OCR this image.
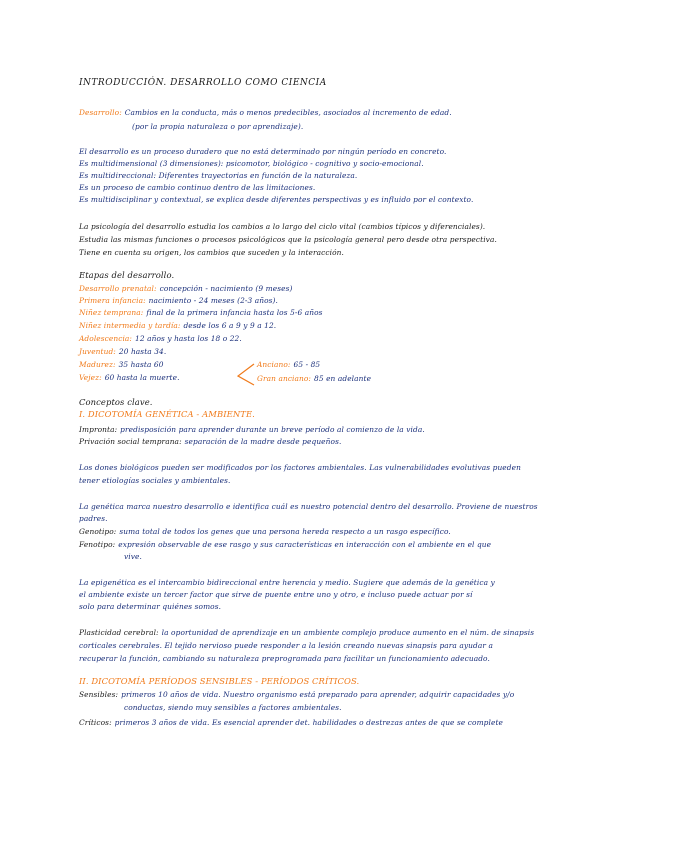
INTRODUCCIÓN. DESARROLLO COMO CIENCIA
Desarrollo: Cambios en la conducta, más o menos predecibles, asociados al incremento de edad.
(por la propia naturaleza o por aprendizaje).
El desarrollo es un proceso duradero que no está determinado por ningún período en concreto.
Es multidimensional (3 dimensiones): psicomotor, biológico - cognitivo y socio-emocional.
Es multidireccional: Diferentes trayectorias en función de la naturaleza.
Es un proceso de cambio continuo dentro de las limitaciones.
Es multidisciplinar y contextual, se explica desde diferentes perspectivas y es influido por el contexto.
La psicología del desarrollo estudia los cambios a lo largo del ciclo vital (cambios típicos y diferenciales).
Estudia las mismas funciones o procesos psicológicos que la psicología general pero desde otra perspectiva.
Tiene en cuenta su origen, los cambios que suceden y la interacción.
Etapas del desarrollo.
Desarrollo prenatal: concepción - nacimiento (9 meses)
Primera infancia: nacimiento - 24 meses (2-3 años).
Niñez temprana: final de la primera infancia hasta los 5-6 años
Niñez intermedia y tardía: desde los 6 a 9 y 9 a 12.
Adolescencia: 12 años y hasta los 18 o 22.
Juventud: 20 hasta 34.
Madurez: 35 hasta 60
Vejez: 60 hasta la muerte.
Anciano: 65 - 85
Gran anciano: 85 en adelante
Conceptos clave.
I. DICOTOMÍA GENÉTICA - AMBIENTE.
Impronta: predisposición para aprender durante un breve período al comienzo de la vida.
Privación social temprana: separación de la madre desde pequeños.
Los dones biológicos pueden ser modificados por los factores ambientales. Las vulnerabilidades evolutivas pueden
tener etiologías sociales y ambientales.
La genética marca nuestro desarrollo e identifica cuál es nuestro potencial dentro del desarrollo. Proviene de nuestros
padres.
Genotipo: suma total de todos los genes que una persona hereda respecto a un rasgo específico.
Fenotipo: expresión observable de ese rasgo y sus características en interacción con el ambiente en el que
vive.
La epigenética es el intercambio bidireccional entre herencia y medio. Sugiere que además de la genética y
el ambiente existe un tercer factor que sirve de puente entre uno y otro, e incluso puede actuar por sí
solo para determinar quiénes somos.
Plasticidad cerebral: la oportunidad de aprendizaje en un ambiente complejo produce aumento en el núm. de sinapsis
corticales cerebrales. El tejido nervioso puede responder a la lesión creando nuevas sinapsis para ayudar a
recuperar la función, cambiando su naturaleza preprogramada para facilitar un funcionamiento adecuado.
II. DICOTOMÍA PERÍODOS SENSIBLES - PERÍODOS CRÍTICOS.
Sensibles: primeros 10 años de vida. Nuestro organismo está preparado para aprender, adquirir capacidades y/o
conductas, siendo muy sensibles a factores ambientales.
Críticos: primeros 3 años de vida. Es esencial aprender det. habilidades o destrezas antes de que se complete
